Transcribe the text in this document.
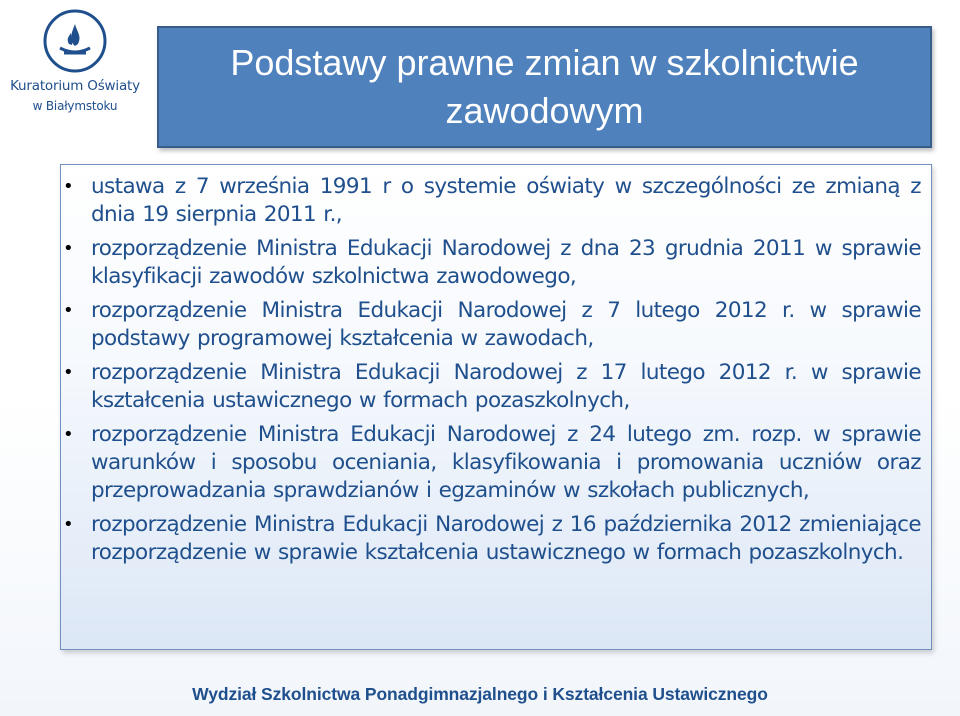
Kuratorium Oświaty
w Białymstoku
Podstawy prawne zmian w szkolnictwie
zawodowym
• ustawa z 7 września 1991 r o systemie oświaty w szczególności ze zmianą z dnia 19 sierpnia 2011 r.,
• rozporządzenie Ministra Edukacji Narodowej z dna 23 grudnia 2011 w sprawie klasyfikacji zawodów szkolnictwa zawodowego,
• rozporządzenie Ministra Edukacji Narodowej z 7 lutego 2012 r. w sprawie podstawy programowej kształcenia w zawodach,
• rozporządzenie Ministra Edukacji Narodowej z 17 lutego 2012 r. w sprawie kształcenia ustawicznego w formach pozaszkolnych,
• rozporządzenie Ministra Edukacji Narodowej z 24 lutego zm. rozp. w sprawie warunków i sposobu oceniania, klasyfikowania i promowania uczniów oraz przeprowadzania sprawdzianów i egzaminów w szkołach publicznych,
• rozporządzenie Ministra Edukacji Narodowej z 16 października 2012 zmieniające rozporządzenie w sprawie kształcenia ustawicznego w formach pozaszkolnych.
Wydział Szkolnictwa Ponadgimnazjalnego i Kształcenia Ustawicznego
